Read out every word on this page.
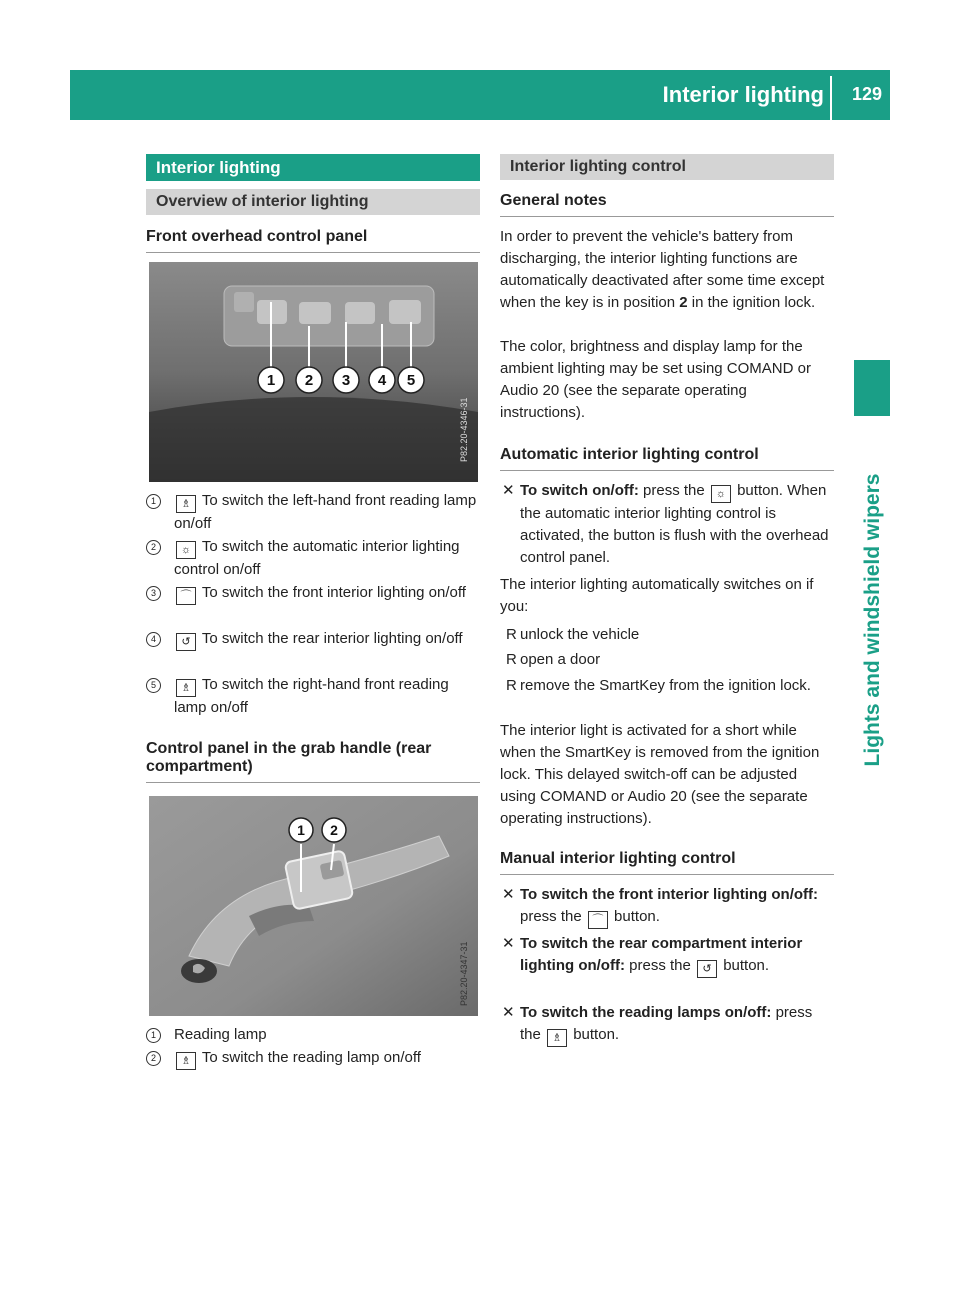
Interior lighting 129
Lights and windshield wipers
Interior lighting
Overview of interior lighting
Front overhead control panel
1 2 3 4 5
P82.20-4346-31
1	♗ To switch the left-hand front reading lamp on/off
2	☼ To switch the automatic interior lighting control on/off
3	⌒ To switch the front interior lighting on/off
4	↺ To switch the rear interior lighting on/off
5	♗ To switch the right-hand front reading lamp on/off
Control panel in the grab handle (rear compartment)
1 2
P82.20-4347-31
1	Reading lamp
2	♗ To switch the reading lamp on/off
Interior lighting control
General notes
In order to prevent the vehicle's battery from discharging, the interior lighting functions are automatically deactivated after some time except when the key is in position 2 in the ignition lock.
The color, brightness and display lamp for the ambient lighting may be set using COMAND or Audio 20 (see the separate operating instructions).
Automatic interior lighting control
✕ To switch on/off: press the ☼ button. When the automatic interior lighting control is activated, the button is flush with the overhead control panel.
The interior lighting automatically switches on if you:
R unlock the vehicle
R open a door
R remove the SmartKey from the ignition lock.
The interior light is activated for a short while when the SmartKey is removed from the ignition lock. This delayed switch-off can be adjusted using COMAND or Audio 20 (see the separate operating instructions).
Manual interior lighting control
✕ To switch the front interior lighting on/off: press the ⌒ button.
✕ To switch the rear compartment interior lighting on/off: press the ↺ button.
✕ To switch the reading lamps on/off: press the ♗ button.
